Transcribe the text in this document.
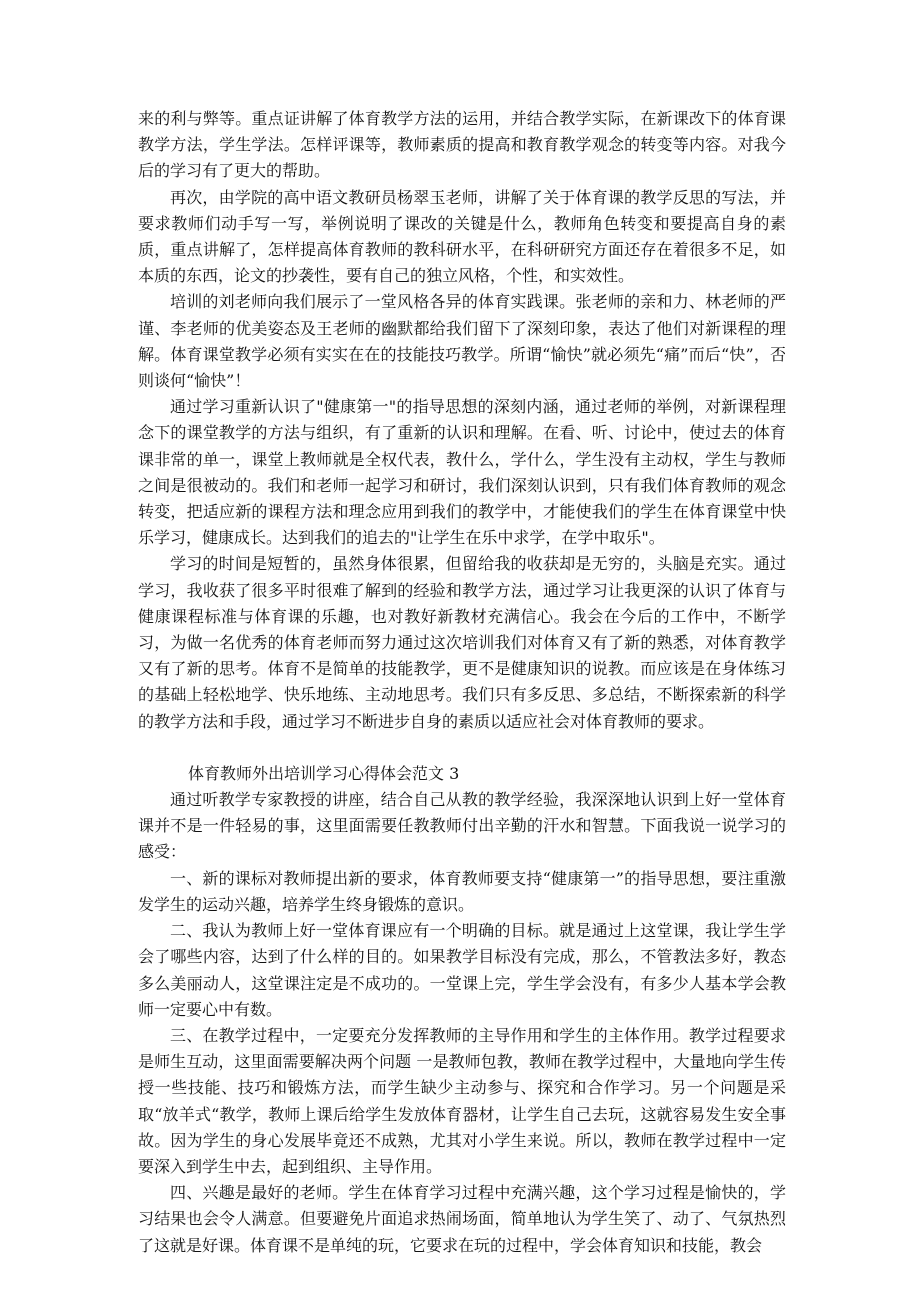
来的利与弊等。重点证讲解了体育教学方法的运用，并结合教学实际，在新课改下的体育课教学方法，学生学法。怎样评课等，教师素质的提高和教育教学观念的转变等内容。对我今后的学习有了更大的帮助。

再次，由学院的高中语文教研员杨翠玉老师，讲解了关于体育课的教学反思的写法，并要求教师们动手写一写，举例说明了课改的关键是什么，教师角色转变和要提高自身的素质，重点讲解了，怎样提高体育教师的教科研水平，在科研研究方面还存在着很多不足，如本质的东西，论文的抄袭性，要有自己的独立风格，个性，和实效性。

培训的刘老师向我们展示了一堂风格各异的体育实践课。张老师的亲和力、林老师的严谨、李老师的优美姿态及王老师的幽默都给我们留下了深刻印象，表达了他们对新课程的理解。体育课堂教学必须有实实在在的技能技巧教学。所谓“愉快”就必须先“痛”而后“快”，否则谈何“愉快”！

通过学习重新认识了"健康第一"的指导思想的深刻内涵，通过老师的举例，对新课程理念下的课堂教学的方法与组织，有了重新的认识和理解。在看、听、讨论中，使过去的体育课非常的单一，课堂上教师就是全权代表，教什么，学什么，学生没有主动权，学生与教师之间是很被动的。我们和老师一起学习和研讨，我们深刻认识到，只有我们体育教师的观念转变，把适应新的课程方法和理念应用到我们的教学中，才能使我们的学生在体育课堂中快乐学习，健康成长。达到我们的追去的"让学生在乐中求学，在学中取乐"。

学习的时间是短暂的，虽然身体很累，但留给我的收获却是无穷的，头脑是充实。通过学习，我收获了很多平时很难了解到的经验和教学方法，通过学习让我更深的认识了体育与健康课程标准与体育课的乐趣，也对教好新教材充满信心。我会在今后的工作中，不断学习，为做一名优秀的体育老师而努力通过这次培训我们对体育又有了新的熟悉，对体育教学又有了新的思考。体育不是简单的技能教学，更不是健康知识的说教。而应该是在身体练习的基础上轻松地学、快乐地练、主动地思考。我们只有多反思、多总结，不断探索新的科学的教学方法和手段，通过学习不断进步自身的素质以适应社会对体育教师的要求。

体育教师外出培训学习心得体会范文 3

通过听教学专家教授的讲座，结合自己从教的教学经验，我深深地认识到上好一堂体育课并不是一件轻易的事，这里面需要任教教师付出辛勤的汗水和智慧。下面我说一说学习的感受：

一、新的课标对教师提出新的要求，体育教师要支持“健康第一”的指导思想，要注重激发学生的运动兴趣，培养学生终身锻炼的意识。

二、我认为教师上好一堂体育课应有一个明确的目标。就是通过上这堂课，我让学生学会了哪些内容，达到了什么样的目的。如果教学目标没有完成，那么，不管教法多好，教态多么美丽动人，这堂课注定是不成功的。一堂课上完，学生学会没有，有多少人基本学会教师一定要心中有数。

三、在教学过程中，一定要充分发挥教师的主导作用和学生的主体作用。教学过程要求是师生互动，这里面需要解决两个问题 一是教师包教，教师在教学过程中，大量地向学生传授一些技能、技巧和锻炼方法，而学生缺少主动参与、探究和合作学习。另一个问题是采取“放羊式“教学，教师上课后给学生发放体育器材，让学生自己去玩，这就容易发生安全事故。因为学生的身心发展毕竟还不成熟，尤其对小学生来说。所以，教师在教学过程中一定要深入到学生中去，起到组织、主导作用。

四、兴趣是最好的老师。学生在体育学习过程中充满兴趣，这个学习过程是愉快的，学习结果也会令人满意。但要避免片面追求热闹场面，简单地认为学生笑了、动了、气氛热烈了这就是好课。体育课不是单纯的玩，它要求在玩的过程中，学会体育知识和技能，教会
